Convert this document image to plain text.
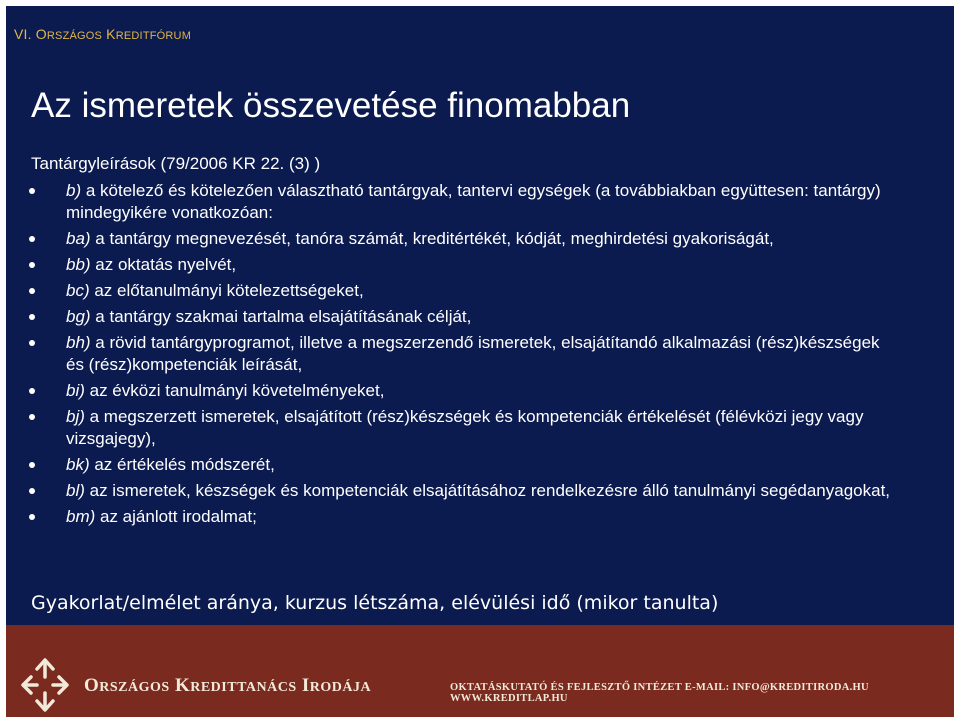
VI. ORSZÁGOS KREDITFÓRUM
Az ismeretek összevetése finomabban
Tantárgyleírások (79/2006 KR 22. (3) )
b) a kötelező és kötelezően választható tantárgyak, tantervi egységek (a továbbiakban együttesen: tantárgy) mindegyikére vonatkozóan:
ba) a tantárgy megnevezését, tanóra számát, kreditértékét, kódját, meghirdetési gyakoriságát,
bb) az oktatás nyelvét,
bc) az előtanulmányi kötelezettségeket,
bg) a tantárgy szakmai tartalma elsajátításának célját,
bh) a rövid tantárgyprogramot, illetve a megszerzendő ismeretek, elsajátítandó alkalmazási (rész)készségek és (rész)kompetenciák leírását,
bi) az évközi tanulmányi követelményeket,
bj) a megszerzett ismeretek, elsajátított (rész)készségek és kompetenciák értékelését (félévközi jegy vagy vizsgajegy),
bk) az értékelés módszerét,
bl) az ismeretek, készségek és kompetenciák elsajátításához rendelkezésre álló tanulmányi segédanyagokat,
bm) az ajánlott irodalmat;
Gyakorlat/elmélet aránya, kurzus létszáma, elévülési idő (mikor tanulta)
ORSZÁGOS KREDITTANÁCS IRODÁJA	OKTATÁSKUTATÓ ÉS FEJLESZTŐ INTÉZET E-MAIL: INFO@KREDITIRODA.HU WWW.KREDITLAP.HU
